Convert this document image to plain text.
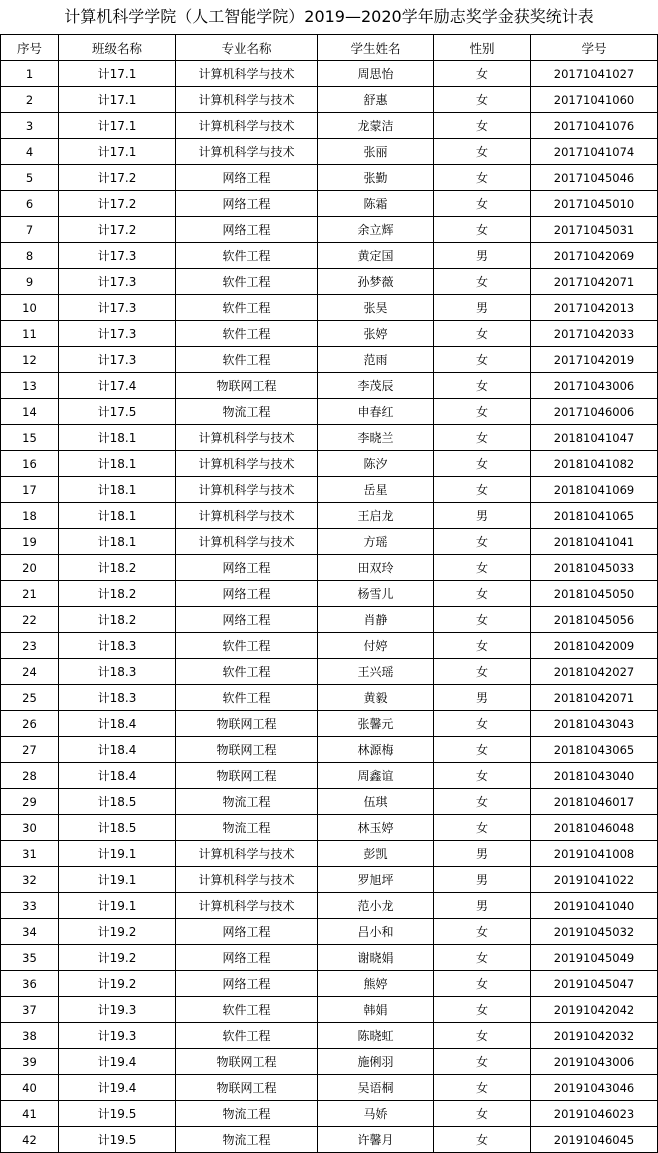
计算机科学学院（人工智能学院）2019—2020学年励志奖学金获奖统计表
序号	班级名称	专业名称	学生姓名	性别	学号
1	计17.1	计算机科学与技术	周思怡	女	20171041027
2	计17.1	计算机科学与技术	舒惠	女	20171041060
3	计17.1	计算机科学与技术	龙蒙洁	女	20171041076
4	计17.1	计算机科学与技术	张丽	女	20171041074
5	计17.2	网络工程	张勤	女	20171045046
6	计17.2	网络工程	陈霜	女	20171045010
7	计17.2	网络工程	余立辉	女	20171045031
8	计17.3	软件工程	黄定国	男	20171042069
9	计17.3	软件工程	孙梦薇	女	20171042071
10	计17.3	软件工程	张昊	男	20171042013
11	计17.3	软件工程	张婷	女	20171042033
12	计17.3	软件工程	范雨	女	20171042019
13	计17.4	物联网工程	李茂辰	女	20171043006
14	计17.5	物流工程	申春红	女	20171046006
15	计18.1	计算机科学与技术	李晓兰	女	20181041047
16	计18.1	计算机科学与技术	陈汐	女	20181041082
17	计18.1	计算机科学与技术	岳星	女	20181041069
18	计18.1	计算机科学与技术	王启龙	男	20181041065
19	计18.1	计算机科学与技术	方瑶	女	20181041041
20	计18.2	网络工程	田双玲	女	20181045033
21	计18.2	网络工程	杨雪儿	女	20181045050
22	计18.2	网络工程	肖静	女	20181045056
23	计18.3	软件工程	付婷	女	20181042009
24	计18.3	软件工程	王兴瑶	女	20181042027
25	计18.3	软件工程	黄毅	男	20181042071
26	计18.4	物联网工程	张馨元	女	20181043043
27	计18.4	物联网工程	林源梅	女	20181043065
28	计18.4	物联网工程	周鑫谊	女	20181043040
29	计18.5	物流工程	伍琪	女	20181046017
30	计18.5	物流工程	林玉婷	女	20181046048
31	计19.1	计算机科学与技术	彭凯	男	20191041008
32	计19.1	计算机科学与技术	罗旭坪	男	20191041022
33	计19.1	计算机科学与技术	范小龙	男	20191041040
34	计19.2	网络工程	吕小和	女	20191045032
35	计19.2	网络工程	谢晓娟	女	20191045049
36	计19.2	网络工程	熊婷	女	20191045047
37	计19.3	软件工程	韩娟	女	20191042042
38	计19.3	软件工程	陈晓虹	女	20191042032
39	计19.4	物联网工程	施俐羽	女	20191043006
40	计19.4	物联网工程	吴语桐	女	20191043046
41	计19.5	物流工程	马娇	女	20191046023
42	计19.5	物流工程	许馨月	女	20191046045
